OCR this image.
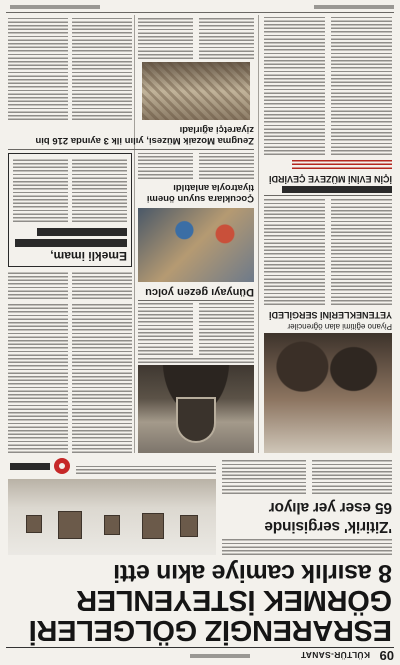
09
KÜLTÜR-SANAT
ESRARENGİZ GÖLGELERİ
GÖRMEK İSTEYENLER
8 asırlık camiye akın etti
'Zitirik' sergisinde
65 eser yer alıyor
Piyano eğitimi alan öğrenciler
YETENEKLERİNİ SERGİLEDİ
İÇİN EVİNİ MÜZEYE ÇEVİRDİ
Dünyayı gezen yolcu
Çocuklara suyun önemi
tiyatroyla anlatıldı
Emekli imam,
Zeugma Mozaik Müzesi, yılın ilk 3 ayında 216 bin ziyaretçi ağırladı
